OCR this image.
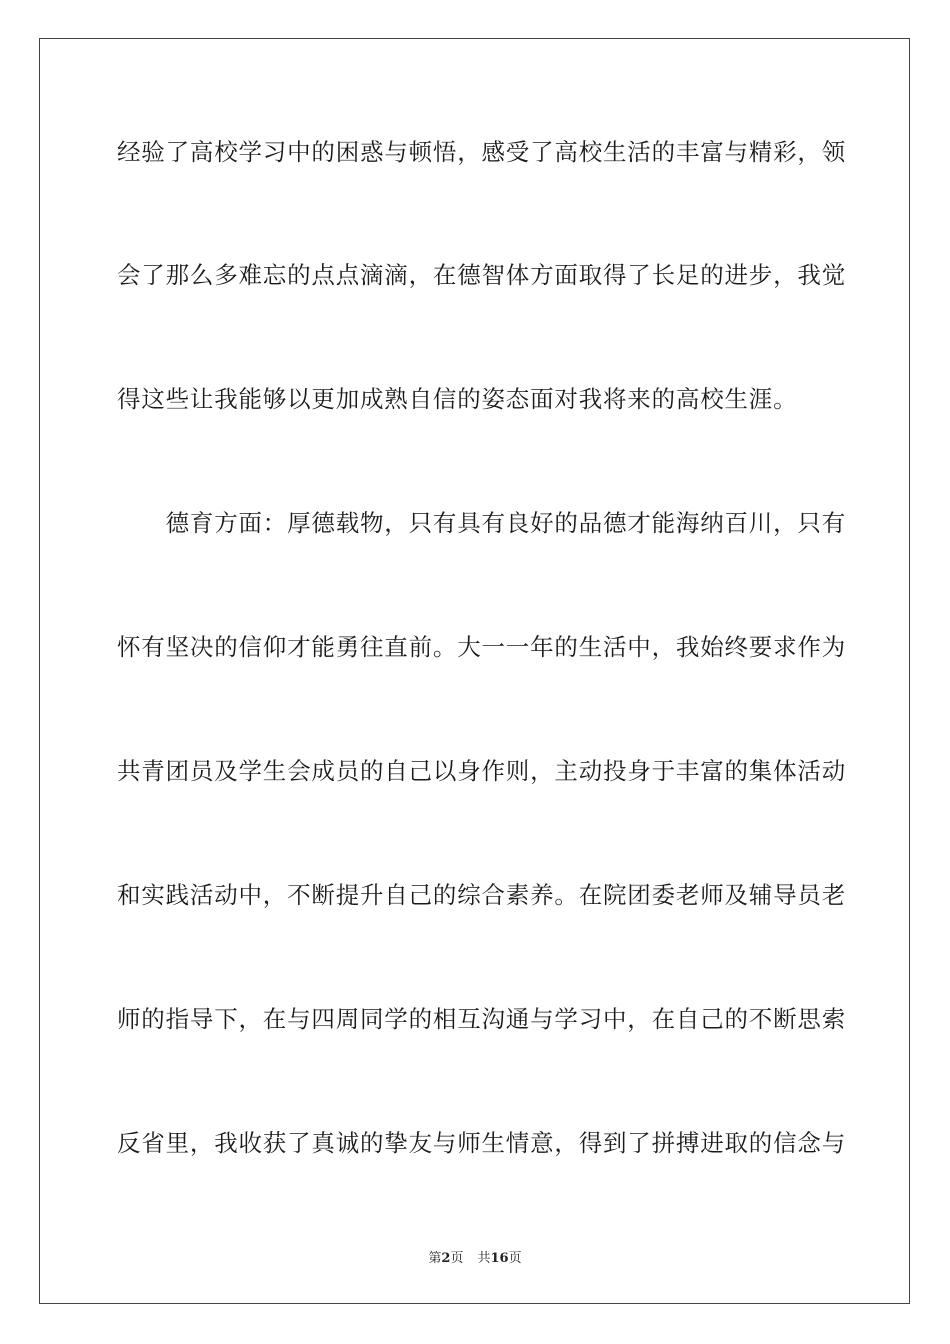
经验了高校学习中的困惑与顿悟，感受了高校生活的丰富与精彩，领
会了那么多难忘的点点滴滴，在德智体方面取得了长足的进步，我觉
得这些让我能够以更加成熟自信的姿态面对我将来的高校生涯。
　　德育方面：厚德载物，只有具有良好的品德才能海纳百川，只有
怀有坚决的信仰才能勇往直前。大一一年的生活中，我始终要求作为
共青团员及学生会成员的自己以身作则，主动投身于丰富的集体活动
和实践活动中，不断提升自己的综合素养。在院团委老师及辅导员老
师的指导下，在与四周同学的相互沟通与学习中，在自己的不断思索
反省里，我收获了真诚的挚友与师生情意，得到了拼搏进取的信念与
第2页 共16页
